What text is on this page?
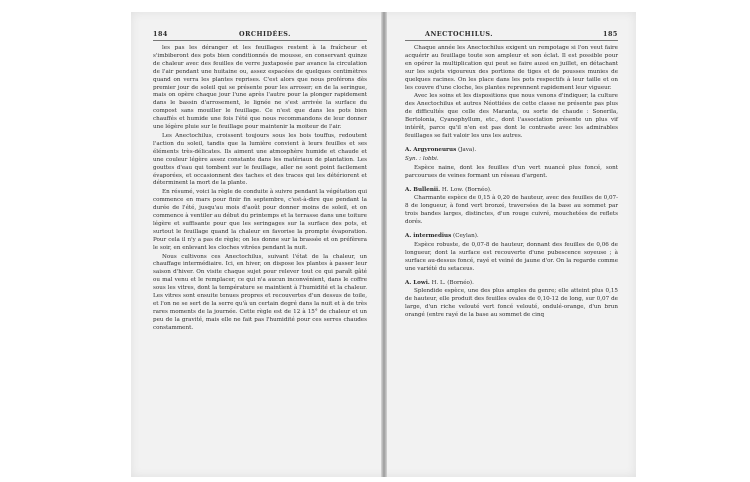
184	ORCHIDÉES.

les pas les déranger et les feuillages restent à la fraîcheur et s'imbiberont des pots bien conditionnés de mousse, en conservant quinze de chaleur avec des feuilles de verre juxtaposée par avance la circulation de l'air pendant une huitaine ou, assez espacées de quelques centimètres quand on verra les plantes reprises. C'est alors que nous proférons dès premier jour de soleil qui se présente pour les arroser; en de la seringue, mais on opère chaque jour l'une après l'autre pour la plonger rapidement dans le bassin d'arrosement, le lignée ne s'est arrivée la surface du compost sans mouiller le feuillage. Ce n'est que dans les pots bien chauffés et humide une fois l'été que nous recommandons de leur donner une légère pluie sur le feuillage pour maintenir la moiteur de l'air.

Les Anectochilus, croissent toujours sous les bois touffus, redoutent l'action du soleil, tandis que la lumière convient à leurs feuilles et ses éléments très-délicates. Ils aiment une atmosphère humide et chaude et une couleur légère assez constante dans les matériaux de plantation. Les gouttes d'eau qui tombent sur le feuillage, aller ne sont point facilement évaporées, et occasionnent des taches et des traces qui les détériorent et déterminent la mort de la plante.

En résumé, voici la règle de conduite à suivre pendant la végétation qui commence en mars pour finir fin septembre, c'est-à-dire que pendant la durée de l'été, jusqu'au mois d'août pour donner moins de soleil, et on commence à ventiler au début du printemps et la terrasse dans une toiture légère et suffisante pour que les seringages sur la surface des pots, et surtout le feuillage quand la chaleur en favorise la prompte évaporation. Pour cela il n'y a pas de règle; on les donne sur la brassée et on préfèrera le soir, en enlevant les cloches vitrées pendant la nuit.

Nous cultivons ces Anectochilus, suivant l'état de la chaleur, un chauffage intermédiaire. Ici, en hiver, on dispose les plantes à passer leur saison d'hiver. On visite chaque sujet pour relever tout ce qui paraît gâté ou mal venu et le remplacer, ce qui n'a aucun inconvénient, dans le coffre sous les vitres, dont la température se maintient à l'humidité et la chaleur. Les vitres sont ensuite tenues propres et recouvertes d'un dessus de toile, et l'on ne se sert de la serre qu'à un certain degré dans la nuit et à de très rares moments de la journée. Cette règle est de 12 à 15° de chaleur et un peu de la gravité, mais elle ne fait pas l'humidité pour ces serres chaudes constamment.

ANECTOCHILUS.	185

Chaque année les Anectochilus exigent un rempotage si l'on veut faire acquérir au feuillage toute son ampleur et son éclat. Il est possible pour en opérer la multiplication qui peut se faire aussi en juillet, en détachant sur les sujets vigoureux des portions de tiges et de pousses munies de quelques racines. On les place dans les pots respectifs à leur taille et on les couvre d'une cloche, les plantes reprennent rapidement leur vigueur.

Avec les soins et les dispositions que nous venons d'indiquer, la culture des Anectochilus et autres Néottiées de cette classe ne présente pas plus de difficultés que celle des Maranta, ou sorte de chaude : Sonerila, Bertolonia, Cyanophyllum, etc., dont l'association présente un plus vif intérêt, parce qu'il n'en est pas dont le contraste avec les admirables feuillages se fait valoir les uns les autres.

A. Argyroneurus (Java).

Syn. : lobbi.

Espèce naine, dont les feuilles d'un vert nuancé plus foncé, sont parcourues de veines formant un réseau d'argent.

A. Bullenii. H. Low. (Bornéo).

Charmante espèce de 0,15 à 0,20 de hauteur, avec des feuilles de 0,07-8 de longueur, à fond vert bronzé, traversées de la base au sommet par trois bandes larges, distinctes, d'un rouge cuivré, mouchetées de reflets dorés.

A. intermedius (Ceylan).

Espèce robuste, de 0,07-8 de hauteur, donnant des feuilles de 0,06 de longueur, dont la surface est recouverte d'une pubescence soyeuse ; à surface au-dessus foncé, rayé et veiné de jaune d'or. On la regarde comme une variété du setaceus.

A. Lowi. H. L. (Bornéo).

Splendide espèce, une des plus amples du genre; elle atteint plus 0,15 de hauteur, elle produit des feuilles ovales de 0,10-12 de long, sur 0,07 de large, d'un riche velouté vert foncé velouté, ondulé-orange, d'un brun orangé (entre rayé de la base au sommet de cinq
